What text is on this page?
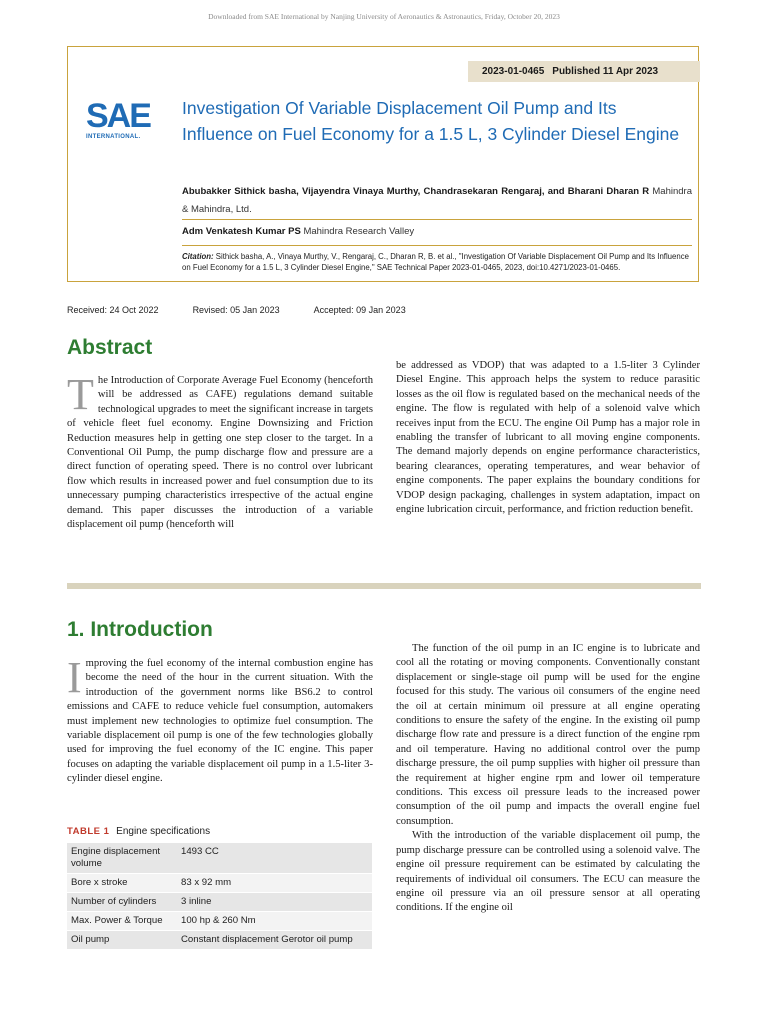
Downloaded from SAE International by Nanjing University of Aeronautics & Astronautics, Friday, October 20, 2023
2023-01-0465 Published 11 Apr 2023
SAE
INTERNATIONAL.
Investigation Of Variable Displacement Oil Pump and Its Influence on Fuel Economy for a 1.5 L, 3 Cylinder Diesel Engine
Abubakker Sithick basha, Vijayendra Vinaya Murthy, Chandrasekaran Rengaraj, and Bharani Dharan R Mahindra & Mahindra, Ltd.
Adm Venkatesh Kumar PS Mahindra Research Valley
Citation: Sithick basha, A., Vinaya Murthy, V., Rengaraj, C., Dharan R, B. et al., "Investigation Of Variable Displacement Oil Pump and Its Influence on Fuel Economy for a 1.5 L, 3 Cylinder Diesel Engine," SAE Technical Paper 2023-01-0465, 2023, doi:10.4271/2023-01-0465.
Received: 24 Oct 2022	Revised: 05 Jan 2023	Accepted: 09 Jan 2023
Abstract

The Introduction of Corporate Average Fuel Economy (henceforth will be addressed as CAFE) regulations demand suitable technological upgrades to meet the significant increase in targets of vehicle fleet fuel economy. Engine Downsizing and Friction Reduction measures help in getting one step closer to the target. In a Conventional Oil Pump, the pump discharge flow and pressure are a direct function of operating speed. There is no control over lubricant flow which results in increased power and fuel consumption due to its unnecessary pumping characteristics irrespective of the actual engine demand. This paper discusses the introduction of a variable displacement oil pump (henceforth will

be addressed as VDOP) that was adapted to a 1.5-liter 3 Cylinder Diesel Engine. This approach helps the system to reduce parasitic losses as the oil flow is regulated based on the mechanical needs of the engine. The flow is regulated with help of a solenoid valve which receives input from the ECU. The engine Oil Pump has a major role in enabling the transfer of lubricant to all moving engine components. The demand majorly depends on engine performance characteristics, bearing clearances, operating temperatures, and wear behavior of engine components. The paper explains the boundary conditions for VDOP design packaging, challenges in system adaptation, impact on engine lubrication circuit, performance, and friction reduction benefit.

1. Introduction

Improving the fuel economy of the internal combustion engine has become the need of the hour in the current situation. With the introduction of the government norms like BS6.2 to control emissions and CAFE to reduce vehicle fuel consumption, automakers must implement new technologies to optimize fuel consumption. The variable displacement oil pump is one of the few technologies globally used for improving the fuel economy of the IC engine. This paper focuses on adapting the variable displacement oil pump in a 1.5-liter 3-cylinder diesel engine.

TABLE 1 Engine specifications
Engine displacement volume	1493 CC
Bore x stroke	83 x 92 mm
Number of cylinders	3 inline
Max. Power & Torque	100 hp & 260 Nm
Oil pump	Constant displacement Gerotor oil pump

The function of the oil pump in an IC engine is to lubricate and cool all the rotating or moving components. Conventionally constant displacement or single-stage oil pump will be used for the engine focused for this study. The various oil consumers of the engine need the oil at certain minimum oil pressure at all engine operating conditions to ensure the safety of the engine. In the existing oil pump discharge flow rate and pressure is a direct function of the engine rpm and oil temperature. Having no additional control over the pump discharge pressure, the oil pump supplies with higher oil pressure than the requirement at higher engine rpm and lower oil temperature conditions. This excess oil pressure leads to the increased power consumption of the oil pump and impacts the overall engine fuel consumption.

With the introduction of the variable displacement oil pump, the pump discharge pressure can be controlled using a solenoid valve. The engine oil pressure requirement can be estimated by calculating the requirements of individual oil consumers. The ECU can measure the engine oil pressure via an oil pressure sensor at all operating conditions. If the engine oil
